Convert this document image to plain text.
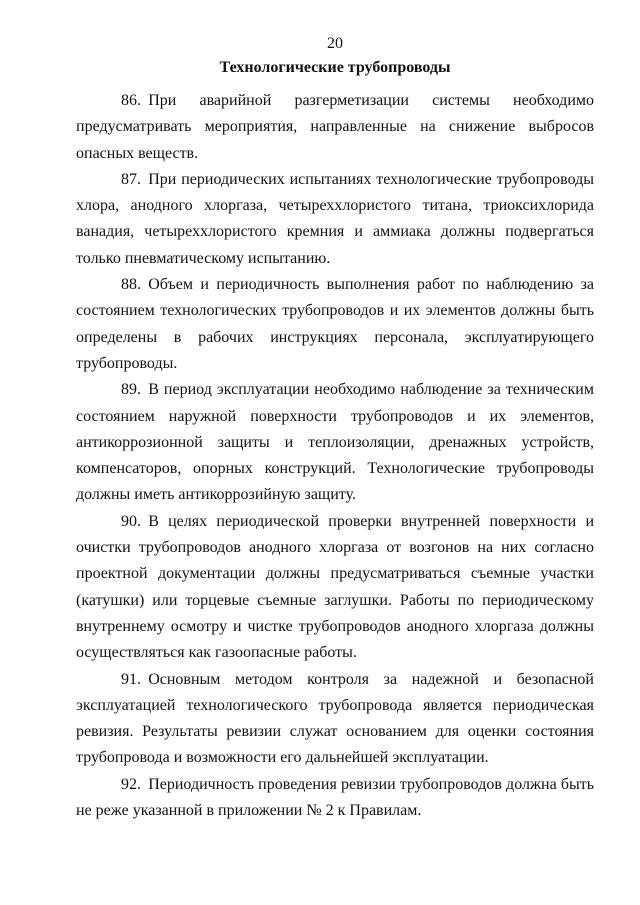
20

Технологические трубопроводы

86. При аварийной разгерметизации системы необходимо предусматривать мероприятия, направленные на снижение выбросов опасных веществ.

87. При периодических испытаниях технологические трубопроводы хлора, анодного хлоргаза, четыреххлористого титана, триоксихлорида ванадия, четыреххлористого кремния и аммиака должны подвергаться только пневматическому испытанию.

88. Объем и периодичность выполнения работ по наблюдению за состоянием технологических трубопроводов и их элементов должны быть определены в рабочих инструкциях персонала, эксплуатирующего трубопроводы.

89. В период эксплуатации необходимо наблюдение за техническим состоянием наружной поверхности трубопроводов и их элементов, антикоррозионной защиты и теплоизоляции, дренажных устройств, компенсаторов, опорных конструкций. Технологические трубопроводы должны иметь антикоррозийную защиту.

90. В целях периодической проверки внутренней поверхности и очистки трубопроводов анодного хлоргаза от возгонов на них согласно проектной документации должны предусматриваться съемные участки (катушки) или торцевые съемные заглушки. Работы по периодическому внутреннему осмотру и чистке трубопроводов анодного хлоргаза должны осуществляться как газоопасные работы.

91. Основным методом контроля за надежной и безопасной эксплуатацией технологического трубопровода является периодическая ревизия. Результаты ревизии служат основанием для оценки состояния трубопровода и возможности его дальнейшей эксплуатации.

92. Периодичность проведения ревизии трубопроводов должна быть не реже указанной в приложении № 2 к Правилам.
